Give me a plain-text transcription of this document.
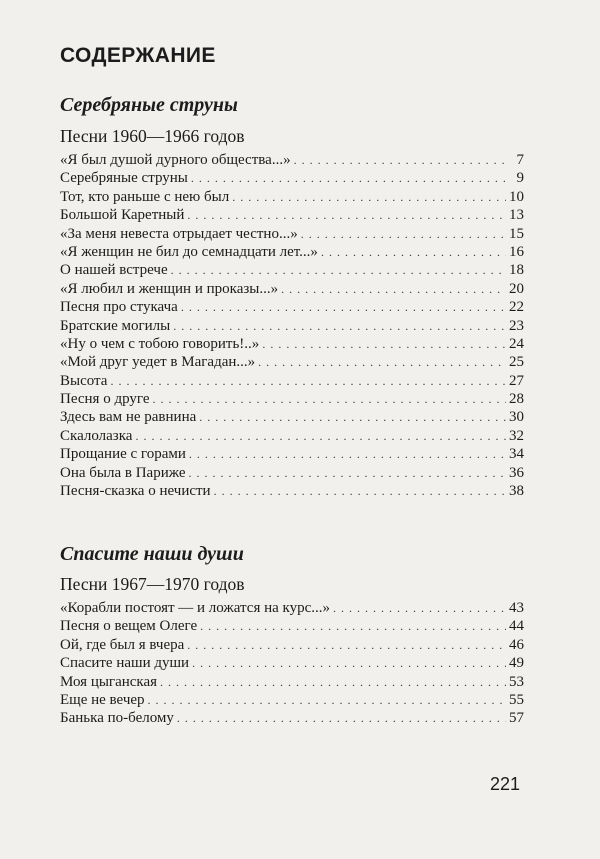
СОДЕРЖАНИЕ
Серебряные струны
Песни 1960—1966 годов
«Я был душой дурного общества...» . . .	7
Серебряные струны . . .	9
Тот, кто раньше с нею был . . .	10
Большой Каретный . . .	13
«За меня невеста отрыдает честно...» . . .	15
«Я женщин не бил до семнадцати лет...» . . .	16
О нашей встрече . . .	18
«Я любил и женщин и проказы...» . . .	20
Песня про стукача . . .	22
Братские могилы . . .	23
«Ну о чем с тобою говорить!..» . . .	24
«Мой друг уедет в Магадан...» . . .	25
Высота . . .	27
Песня о друге . . .	28
Здесь вам не равнина . . .	30
Скалолазка . . .	32
Прощание с горами . . .	34
Она была в Париже . . .	36
Песня-сказка о нечисти . . .	38
Спасите наши души
Песни 1967—1970 годов
«Корабли постоят — и ложатся на курс...» . . .	43
Песня о вещем Олеге . . .	44
Ой, где был я вчера . . .	46
Спасите наши души . . .	49
Моя цыганская . . .	53
Еще не вечер . . .	55
Банька по-белому . . .	57
221
